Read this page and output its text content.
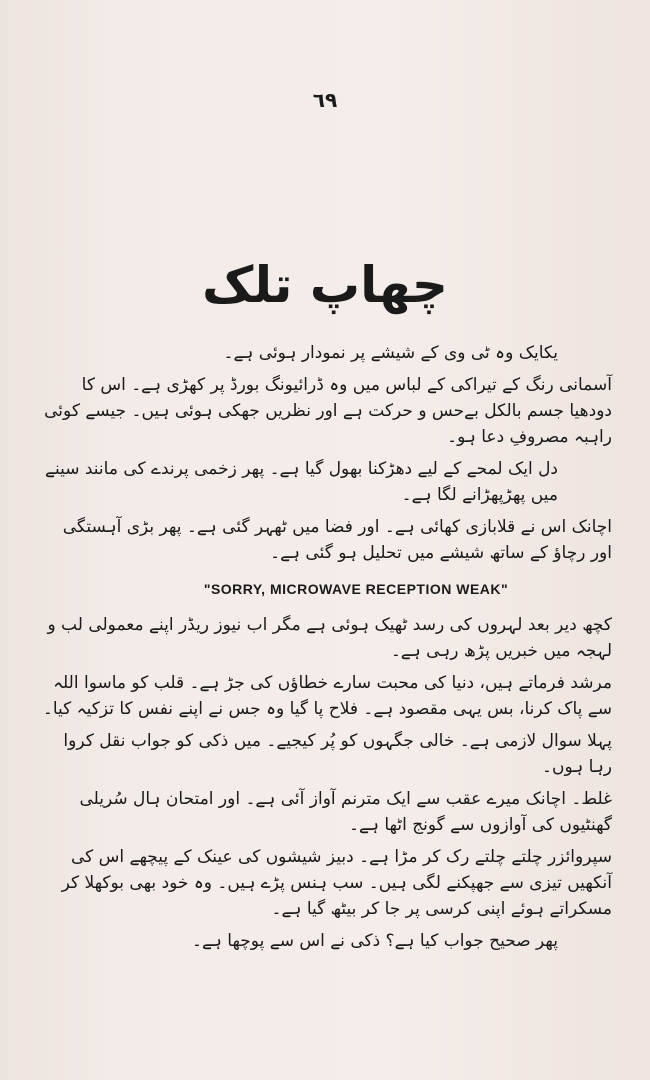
٦٩
چھاپ تلک

یکایک وہ ٹی وی کے شیشے پر نمودار ہوئی ہے۔

آسمانی رنگ کے تیراکی کے لباس میں وہ ڈرائیونگ بورڈ پر کھڑی ہے۔ اس کا دودھیا جسم بالکل بےحس و حرکت ہے اور نظریں جھکی ہوئی ہیں۔ جیسے کوئی راہبہ مصروفِ دعا ہو۔

دل ایک لمحے کے لیے دھڑکنا بھول گیا ہے۔ پھر زخمی پرندے کی مانند سینے میں پھڑپھڑانے لگا ہے۔

اچانک اس نے قلابازی کھائی ہے۔ اور فضا میں ٹھہر گئی ہے۔ پھر بڑی آہستگی اور رچاؤ کے ساتھ شیشے میں تحلیل ہو گئی ہے۔

"SORRY, MICROWAVE RECEPTION WEAK"

کچھ دیر بعد لہروں کی رسد ٹھیک ہوئی ہے مگر اب نیوز ریڈر اپنے معمولی لب و لہجہ میں خبریں پڑھ رہی ہے۔

مرشد فرماتے ہیں، دنیا کی محبت سارے خطاؤں کی جڑ ہے۔ قلب کو ماسوا اللہ سے پاک کرنا، بس یہی مقصود ہے۔ فلاح پا گیا وہ جس نے اپنے نفس کا تزکیہ کیا۔

پہلا سوال لازمی ہے۔ خالی جگہوں کو پُر کیجیے۔ میں ذکی کو جواب نقل کروا رہا ہوں۔

غلط۔ اچانک میرے عقب سے ایک مترنم آواز آئی ہے۔ اور امتحان ہال سُریلی گھنٹیوں کی آوازوں سے گونج اٹھا ہے۔

سپروائزر چلتے چلتے رک کر مڑا ہے۔ دبیز شیشوں کی عینک کے پیچھے اس کی آنکھیں تیزی سے جھپکنے لگی ہیں۔ سب ہنس پڑے ہیں۔ وہ خود بھی بوکھلا کر مسکراتے ہوئے اپنی کرسی پر جا کر بیٹھ گیا ہے۔

پھر صحیح جواب کیا ہے؟ ذکی نے اس سے پوچھا ہے۔
